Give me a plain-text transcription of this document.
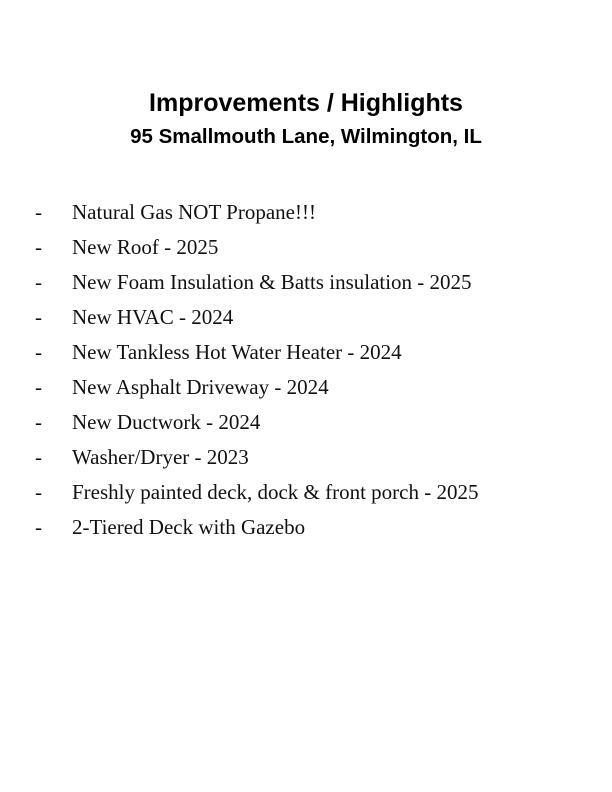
Improvements / Highlights
95 Smallmouth Lane, Wilmington, IL
- Natural Gas NOT Propane!!!
- New Roof - 2025
- New Foam Insulation & Batts insulation - 2025
- New HVAC - 2024
- New Tankless Hot Water Heater - 2024
- New Asphalt Driveway - 2024
- New Ductwork - 2024
- Washer/Dryer - 2023
- Freshly painted deck, dock & front porch - 2025
- 2-Tiered Deck with Gazebo
